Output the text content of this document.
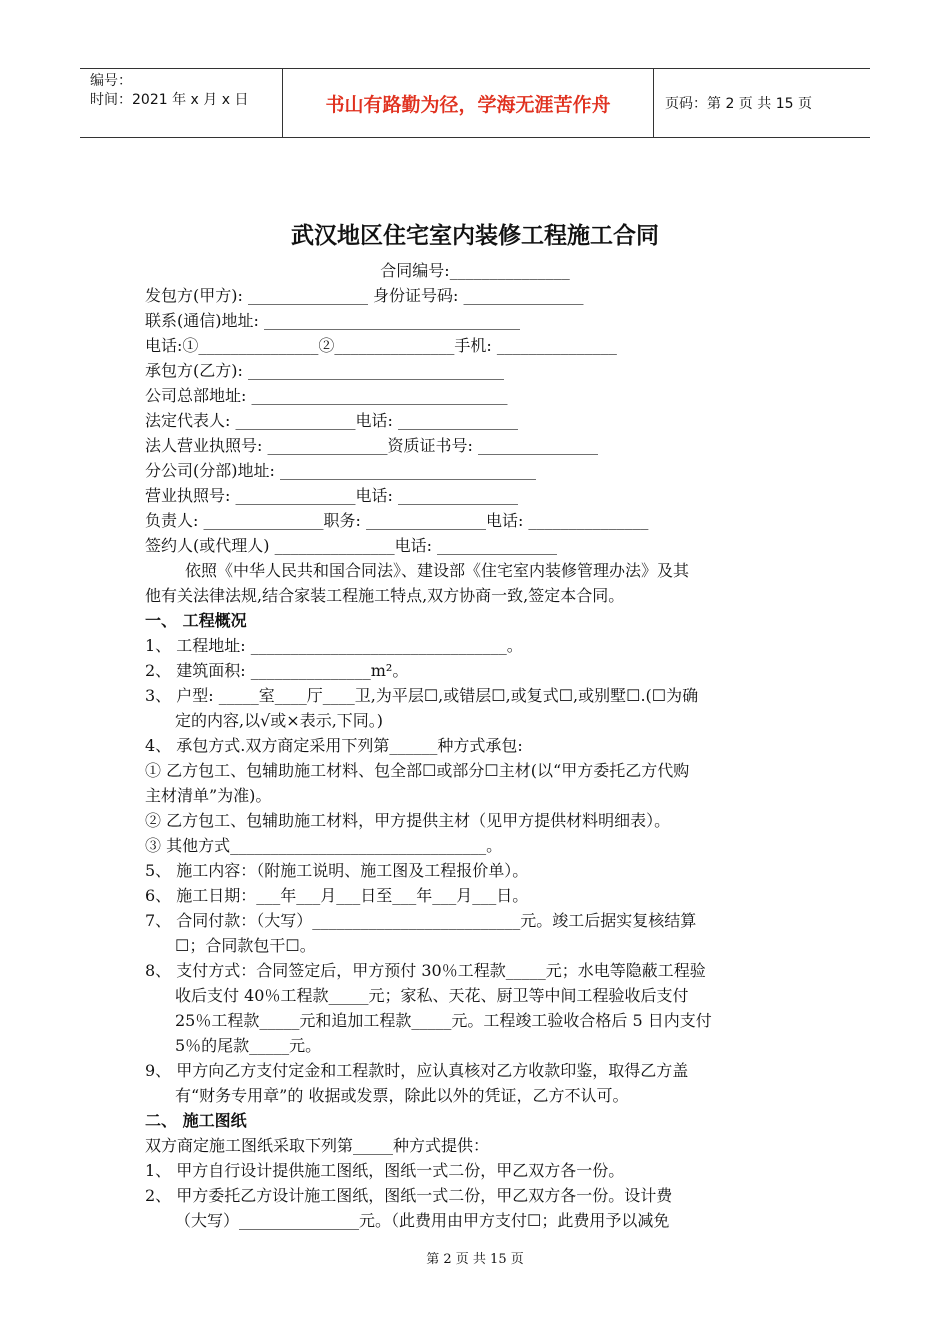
编号：
时间：2021 年 x 月 x 日	书山有路勤为径，学海无涯苦作舟	页码：第 2 页 共 15 页
武汉地区住宅室内装修工程施工合同
合同编号:_______________
发包方(甲方): _______________ 身份证号码: _______________
联系(通信)地址: ________________________________
电话:①_______________②_______________手机: _______________
承包方(乙方): ________________________________
公司总部地址: ________________________________
法定代表人: _______________电话: _______________
法人营业执照号: _______________资质证书号: _______________
分公司(分部)地址: ________________________________
营业执照号: _______________电话: _______________
负责人: _______________职务: _______________电话: _______________
签约人(或代理人) _______________电话: _______________
依照《中华人民共和国合同法》、建设部《住宅室内装修管理办法》及其
他有关法律法规,结合家装工程施工特点,双方协商一致,签定本合同。
一、 工程概况
1、 工程地址: ________________________________。
2、 建筑面积: _______________m²。
3、 户型: _____室____厅____卫,为平层☐,或错层☐,或复式☐,或别墅☐.(☐为确
定的内容,以√或×表示,下同。)
4、 承包方式.双方商定采用下列第______种方式承包:
① 乙方包工、包辅助施工材料、包全部☐或部分☐主材(以“甲方委托乙方代购
主材清单”为准)。
② 乙方包工、包辅助施工材料，甲方提供主材（见甲方提供材料明细表）。
③ 其他方式________________________________。
5、 施工内容：（附施工说明、施工图及工程报价单）。
6、 施工日期：___年___月___日至___年___月___日。
7、 合同付款：（大写）__________________________元。竣工后据实复核结算
☐；合同款包干☐。
8、 支付方式：合同签定后，甲方预付 30％工程款_____元；水电等隐蔽工程验
收后支付 40％工程款_____元；家私、天花、厨卫等中间工程验收后支付
25％工程款_____元和追加工程款_____元。工程竣工验收合格后 5 日内支付
5％的尾款_____元。
9、 甲方向乙方支付定金和工程款时，应认真核对乙方收款印鉴，取得乙方盖
有“财务专用章”的 收据或发票，除此以外的凭证，乙方不认可。
二、 施工图纸
双方商定施工图纸采取下列第_____种方式提供：
1、 甲方自行设计提供施工图纸，图纸一式二份，甲乙双方各一份。
2、 甲方委托乙方设计施工图纸，图纸一式二份，甲乙双方各一份。设计费
（大写）_______________元。（此费用由甲方支付☐；此费用予以减免
第 2 页 共 15 页
